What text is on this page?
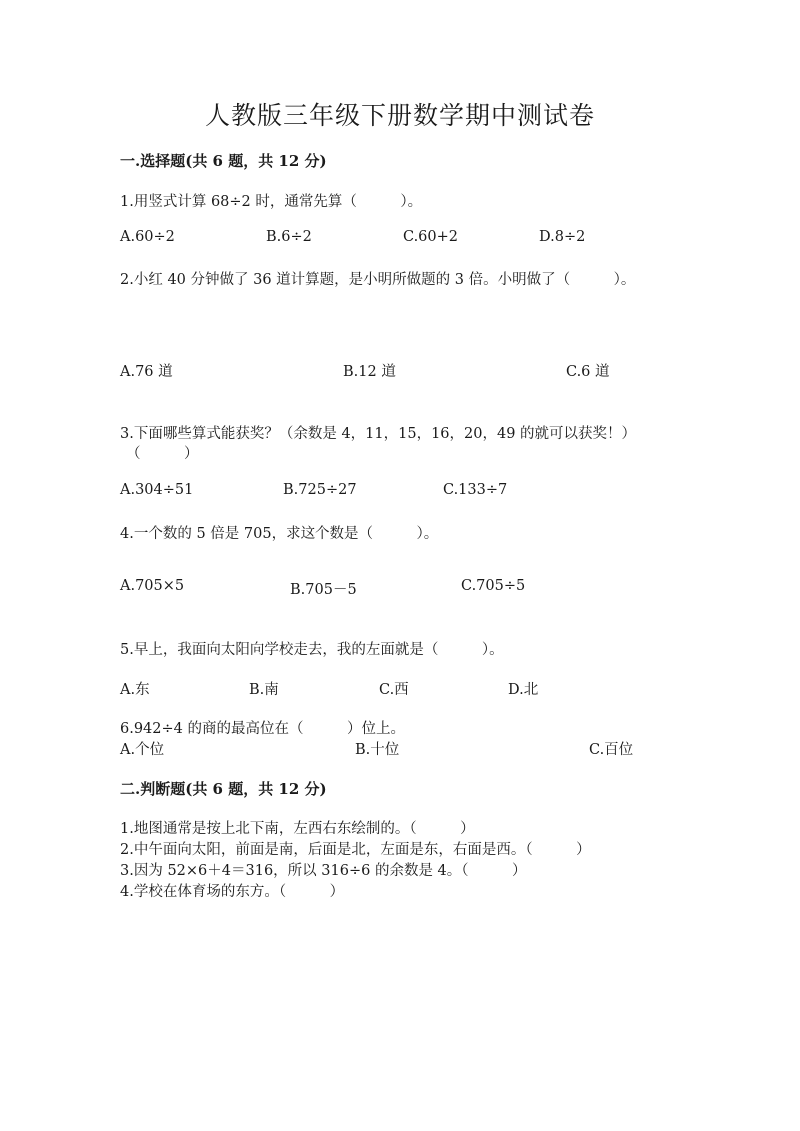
人教版三年级下册数学期中测试卷
一.选择题(共 6 题，共 12 分)
1.用竖式计算 68÷2 时，通常先算（　　　）。
A.60÷2	B.6÷2	C.60+2	D.8÷2
2.小红 40 分钟做了 36 道计算题，是小明所做题的 3 倍。小明做了（　　　）。
A.76 道	B.12 道	C.6 道
3.下面哪些算式能获奖？（余数是 4，11，15，16，20，49 的就可以获奖！）
（　　　）
A.304÷51	B.725÷27	C.133÷7
4.一个数的 5 倍是 705，求这个数是（　　　）。
A.705×5	B.705－5	C.705÷5
5.早上，我面向太阳向学校走去，我的左面就是（　　　）。
A.东	B.南	C.西	D.北
6.942÷4 的商的最高位在（　　　）位上。
A.个位	B.十位	C.百位
二.判断题(共 6 题，共 12 分)
1.地图通常是按上北下南，左西右东绘制的。（　　　）
2.中午面向太阳，前面是南，后面是北，左面是东，右面是西。（　　　）
3.因为 52×6＋4＝316，所以 316÷6 的余数是 4。（　　　）
4.学校在体育场的东方。（　　　）
